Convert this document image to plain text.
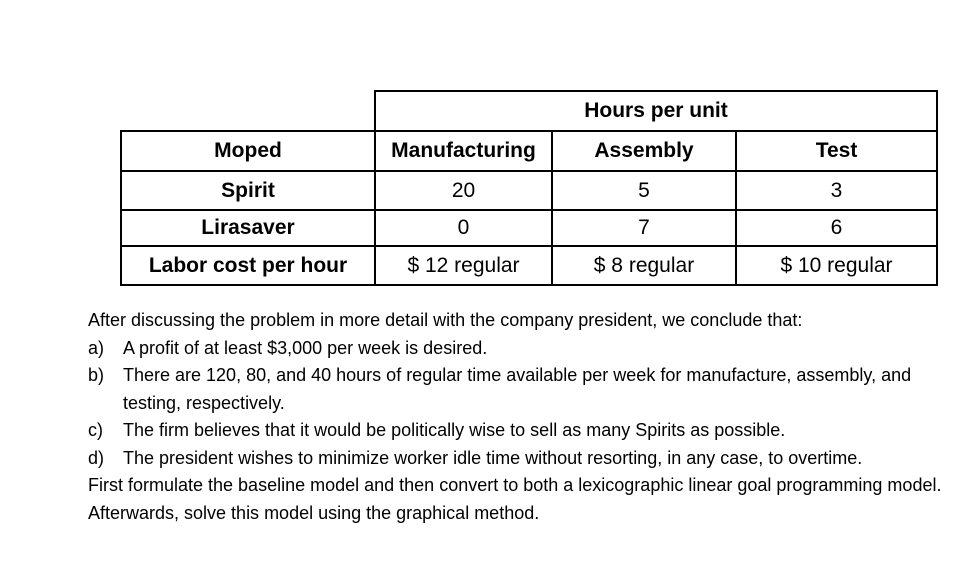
	Hours per unit		
Moped	Manufacturing	Assembly	Test
Spirit	20	5	3
Lirasaver	0	7	6
Labor cost per hour	$ 12 regular	$ 8 regular	$ 10 regular

After discussing the problem in more detail with the company president, we conclude that:

a)	A profit of at least $3,000 per week is desired.
b)	There are 120, 80, and 40 hours of regular time available per week for manufacture, assembly, and testing, respectively.
c)	The firm believes that it would be politically wise to sell as many Spirits as possible.
d)	The president wishes to minimize worker idle time without resorting, in any case, to overtime.

First formulate the baseline model and then convert to both a lexicographic linear goal programming model. Afterwards, solve this model using the graphical method.
